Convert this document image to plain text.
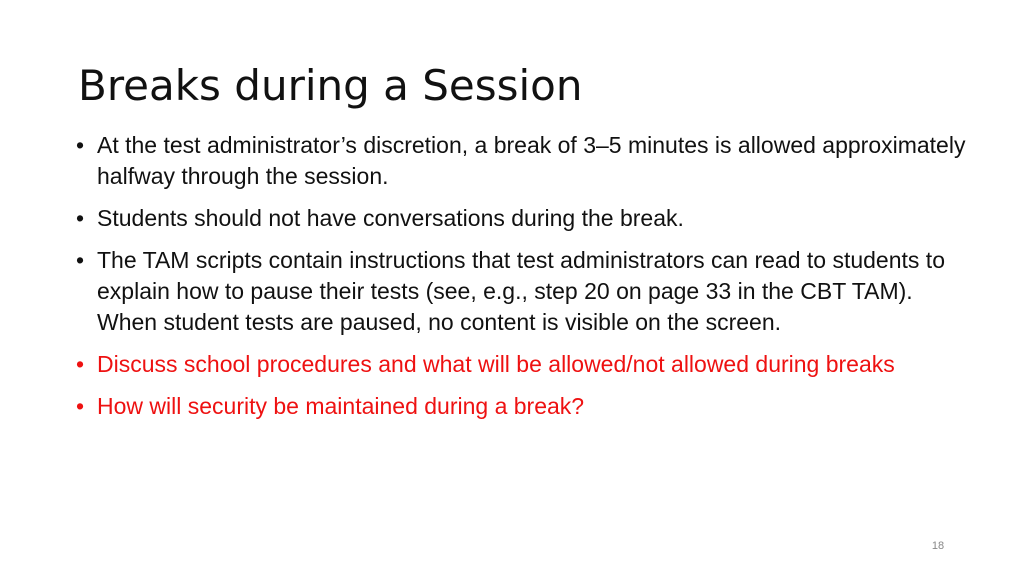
Breaks during a Session
• At the test administrator’s discretion, a break of 3–5 minutes is allowed approximately halfway through the session.
• Students should not have conversations during the break.
• The TAM scripts contain instructions that test administrators can read to students to explain how to pause their tests (see, e.g., step 20 on page 33 in the CBT TAM). When student tests are paused, no content is visible on the screen.
• Discuss school procedures and what will be allowed/not allowed during breaks
• How will security be maintained during a break?
18
